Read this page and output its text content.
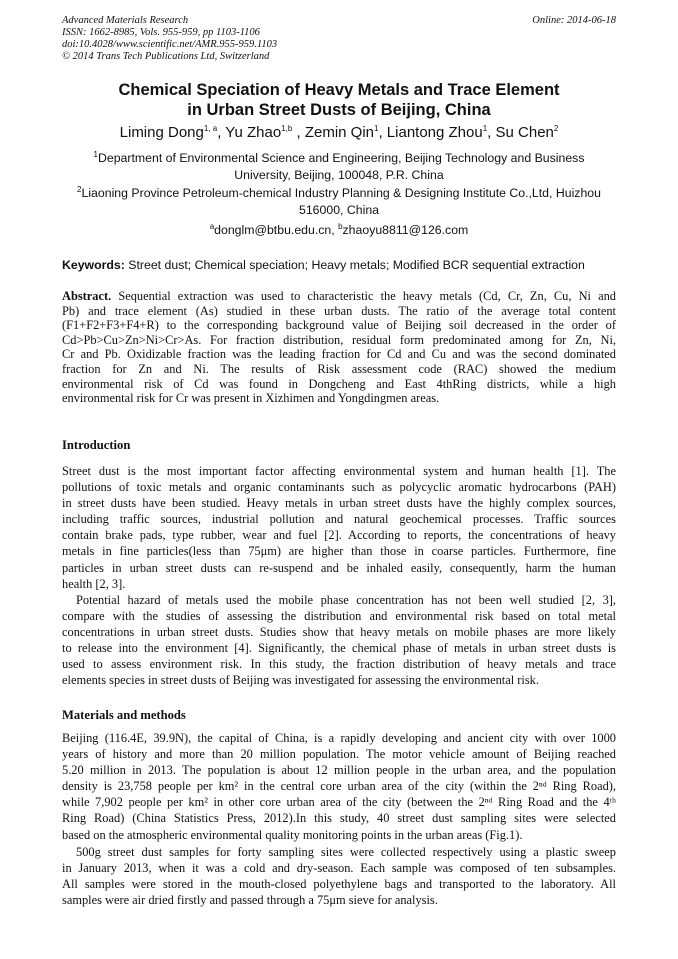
Advanced Materials Research
ISSN: 1662-8985, Vols. 955-959, pp 1103-1106
doi:10.4028/www.scientific.net/AMR.955-959.1103
© 2014 Trans Tech Publications Ltd, Switzerland
Online: 2014-06-18
Chemical Speciation of Heavy Metals and Trace Element
in Urban Street Dusts of Beijing, China
Liming Dong$^{1, a}$, Yu Zhao$^{1,b}$ , Zemin Qin$^1$, Liantong Zhou$^1$, Su Chen$^2$
$^1$Department of Environmental Science and Engineering, Beijing Technology and Business
University, Beijing, 100048, P.R. China
$^2$Liaoning Province Petroleum-chemical Industry Planning & Designing Institute Co.,Ltd, Huizhou
516000, China
$^a$donglm@btbu.edu.cn, $^b$zhaoyu8811@126.com
Keywords: Street dust; Chemical speciation; Heavy metals; Modified BCR sequential extraction
Abstract. Sequential extraction was used to characteristic the heavy metals (Cd, Cr, Zn, Cu, Ni and
Pb) and trace element (As) studied in these urban dusts. The ratio of the average total content
(F1+F2+F3+F4+R) to the corresponding background value of Beijing soil decreased in the order of
Cd>Pb>Cu>Zn>Ni>Cr>As. For fraction distribution, residual form predominated among for Zn, Ni,
Cr and Pb. Oxidizable fraction was the leading fraction for Cd and Cu and was the second dominated
fraction for Zn and Ni. The results of Risk assessment code (RAC) showed the medium
environmental risk of Cd was found in Dongcheng and East 4thRing districts, while a high
environmental risk for Cr was present in Xizhimen and Yongdingmen areas.
Introduction
Street dust is the most important factor affecting environmental system and human health [1]. The
pollutions of toxic metals and organic contaminants such as polycyclic aromatic hydrocarbons (PAH)
in street dusts have been studied. Heavy metals in urban street dusts have the highly complex sources,
including traffic sources, industrial pollution and natural geochemical processes. Traffic sources
contain brake pads, type rubber, wear and fuel [2]. According to reports, the concentrations of heavy
metals in fine particles(less than 75μm) are higher than those in coarse particles. Furthermore, fine
particles in urban street dusts can re-suspend and be inhaled easily, consequently, harm the human
health [2, 3].
Potential hazard of metals used the mobile phase concentration has not been well studied [2, 3],
compare with the studies of assessing the distribution and environmental risk based on total metal
concentrations in urban street dusts. Studies show that heavy metals on mobile phases are more likely
to release into the environment [4]. Significantly, the chemical phase of metals in urban street dusts is
used to assess environment risk. In this study, the fraction distribution of heavy metals and trace
elements species in street dusts of Beijing was investigated for assessing the environmental risk.
Materials and methods
Beijing (116.4E, 39.9N), the capital of China, is a rapidly developing and ancient city with over 1000
years of history and more than 20 million population. The motor vehicle amount of Beijing reached
5.20 million in 2013. The population is about 12 million people in the urban area, and the population
density is 23,758 people per km² in the central core urban area of the city (within the 2ⁿᵈ Ring Road),
while 7,902 people per km² in other core urban area of the city (between the 2ⁿᵈ Ring Road and the 4ᵗʰ
Ring Road) (China Statistics Press, 2012).In this study, 40 street dust sampling sites were selected
based on the atmospheric environmental quality monitoring points in the urban areas (Fig.1).
500g street dust samples for forty sampling sites were collected respectively using a plastic sweep
in January 2013, when it was a cold and dry-season. Each sample was composed of ten subsamples.
All samples were stored in the mouth-closed polyethylene bags and transported to the laboratory. All
samples were air dried firstly and passed through a 75μm sieve for analysis.
